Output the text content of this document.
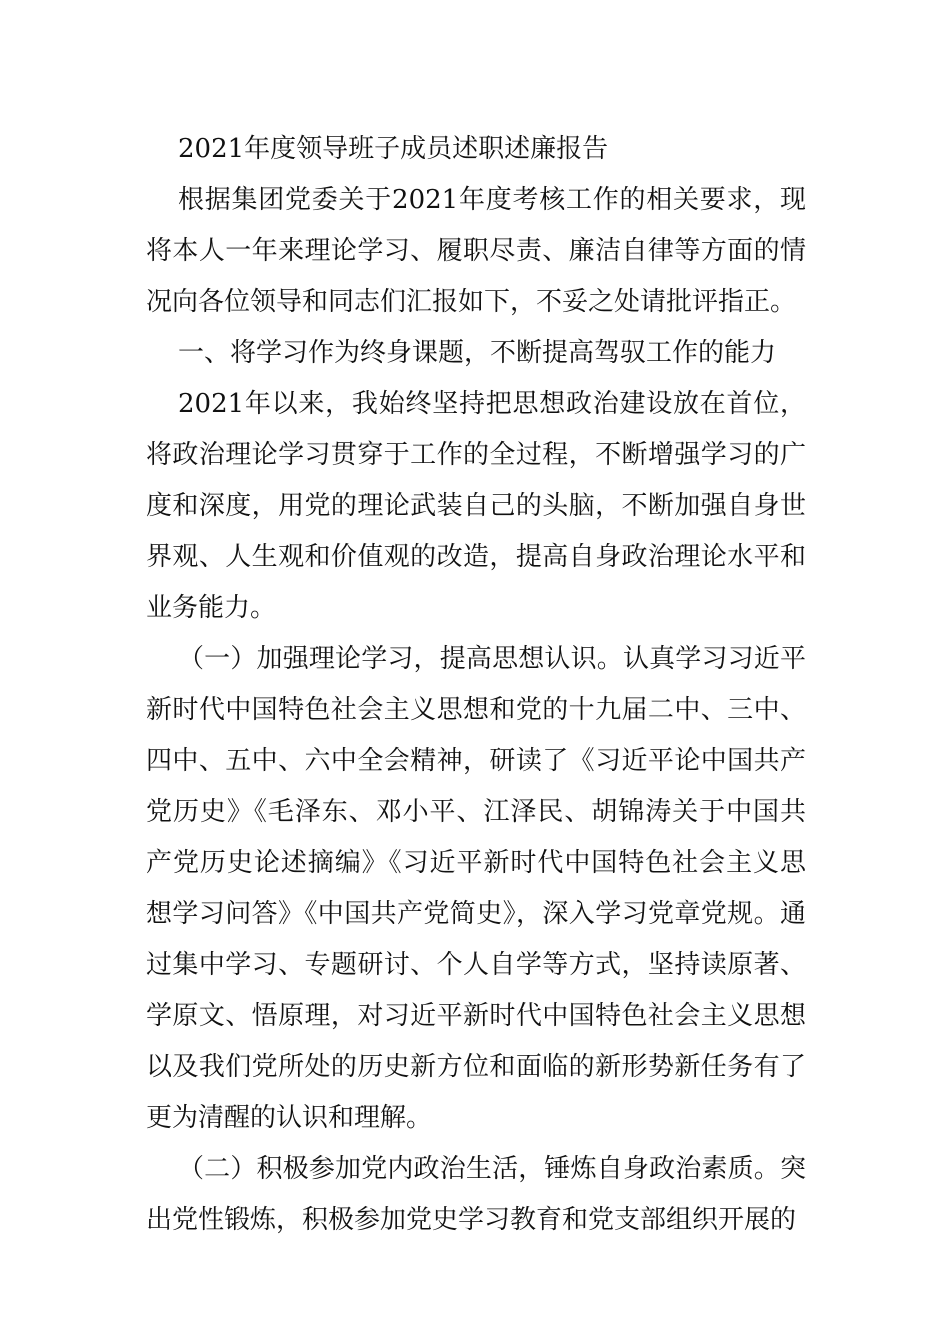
2021年度领导班子成员述职述廉报告

根据集团党委关于2021年度考核工作的相关要求，现将本人一年来理论学习、履职尽责、廉洁自律等方面的情况向各位领导和同志们汇报如下，不妥之处请批评指正。

一、将学习作为终身课题，不断提高驾驭工作的能力

2021年以来，我始终坚持把思想政治建设放在首位，将政治理论学习贯穿于工作的全过程，不断增强学习的广度和深度，用党的理论武装自己的头脑，不断加强自身世界观、人生观和价值观的改造，提高自身政治理论水平和业务能力。

（一）加强理论学习，提高思想认识。认真学习习近平新时代中国特色社会主义思想和党的十九届二中、三中、四中、五中、六中全会精神，研读了《习近平论中国共产党历史》《毛泽东、邓小平、江泽民、胡锦涛关于中国共产党历史论述摘编》《习近平新时代中国特色社会主义思想学习问答》《中国共产党简史》，深入学习党章党规。通过集中学习、专题研讨、个人自学等方式，坚持读原著、学原文、悟原理，对习近平新时代中国特色社会主义思想以及我们党所处的历史新方位和面临的新形势新任务有了更为清醒的认识和理解。

（二）积极参加党内政治生活，锤炼自身政治素质。突出党性锻炼，积极参加党史学习教育和党支部组织开展的
